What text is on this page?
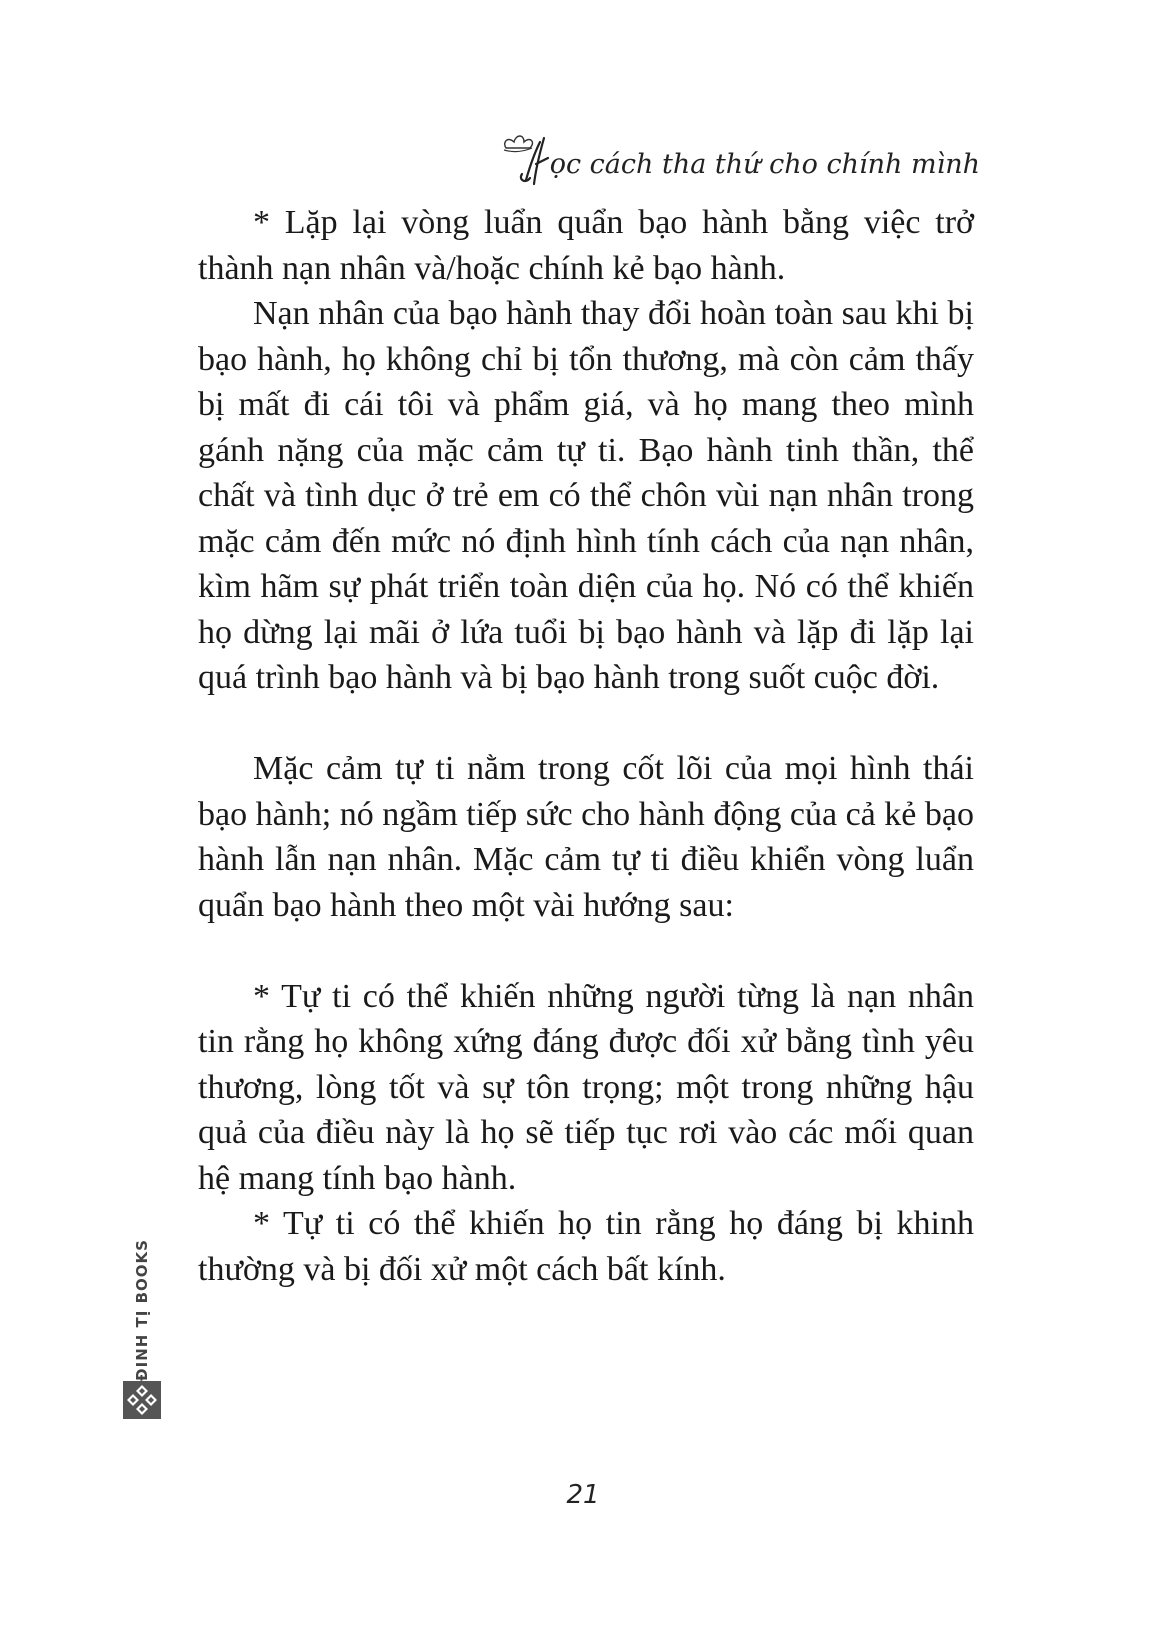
ọc cách tha thứ cho chính mình

* Lặp lại vòng luẩn quẩn bạo hành bằng việc trở thành nạn nhân và/hoặc chính kẻ bạo hành.

Nạn nhân của bạo hành thay đổi hoàn toàn sau khi bị bạo hành, họ không chỉ bị tổn thương, mà còn cảm thấy bị mất đi cái tôi và phẩm giá, và họ mang theo mình gánh nặng của mặc cảm tự ti. Bạo hành tinh thần, thể chất và tình dục ở trẻ em có thể chôn vùi nạn nhân trong mặc cảm đến mức nó định hình tính cách của nạn nhân, kìm hãm sự phát triển toàn diện của họ. Nó có thể khiến họ dừng lại mãi ở lứa tuổi bị bạo hành và lặp đi lặp lại quá trình bạo hành và bị bạo hành trong suốt cuộc đời.

Mặc cảm tự ti nằm trong cốt lõi của mọi hình thái bạo hành; nó ngầm tiếp sức cho hành động của cả kẻ bạo hành lẫn nạn nhân. Mặc cảm tự ti điều khiển vòng luẩn quẩn bạo hành theo một vài hướng sau:

* Tự ti có thể khiến những người từng là nạn nhân tin rằng họ không xứng đáng được đối xử bằng tình yêu thương, lòng tốt và sự tôn trọng; một trong những hậu quả của điều này là họ sẽ tiếp tục rơi vào các mối quan hệ mang tính bạo hành.

* Tự ti có thể khiến họ tin rằng họ đáng bị khinh thường và bị đối xử một cách bất kính.

21
ĐINH TỊ BOOKS
